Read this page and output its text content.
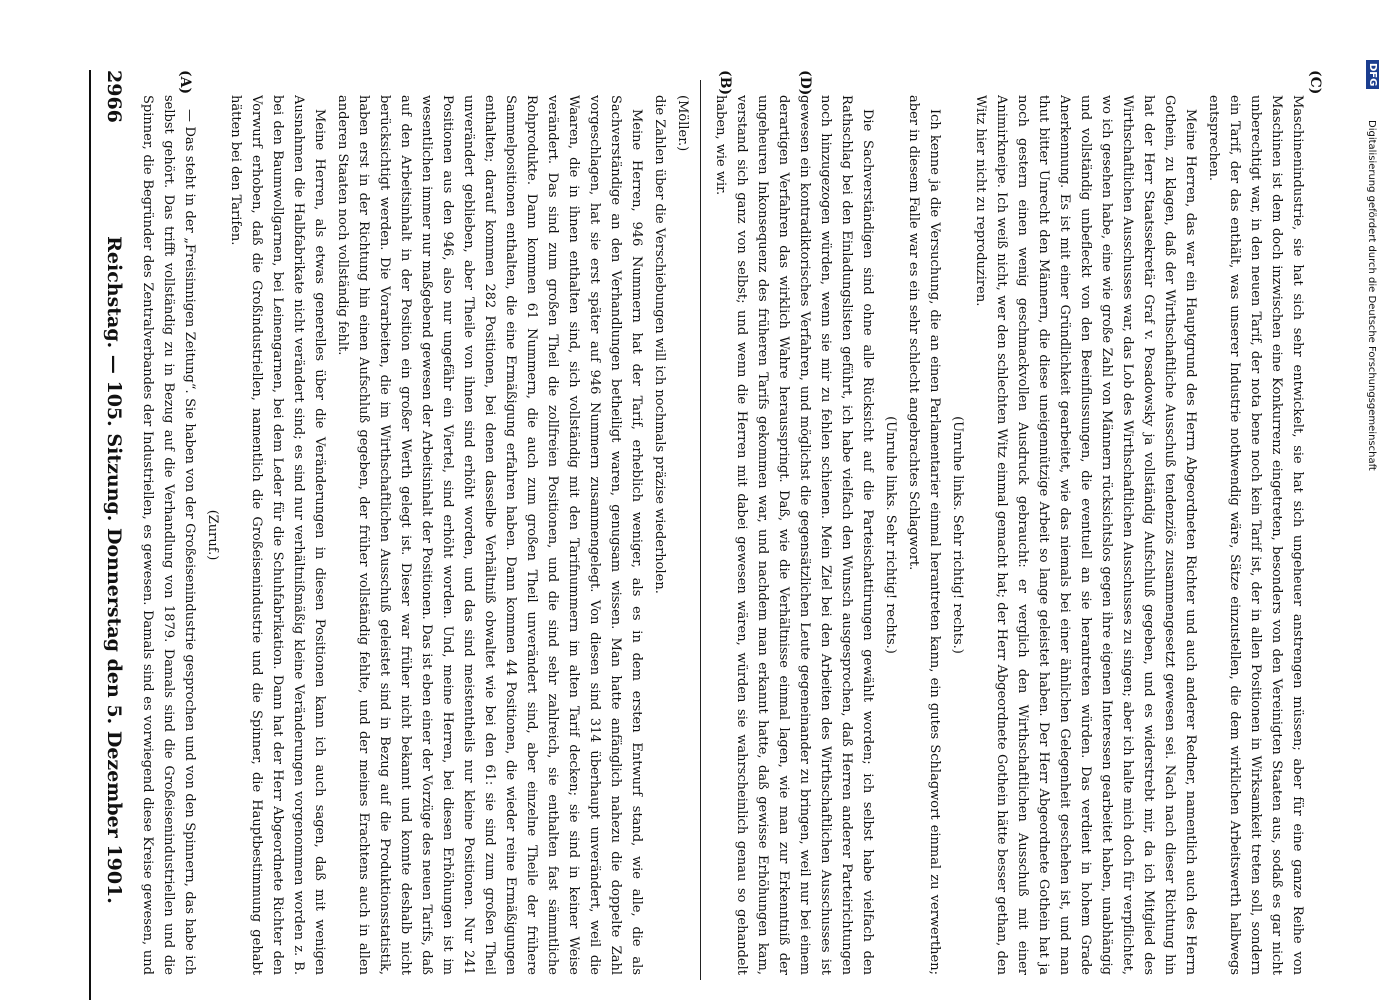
2966
Reichstag. — 105. Sitzung. Donnerstag den 5. Dezember 1901.
(A)	(B)	(C)
(D)

(Möller.)

die Zahlen über die Verschiebungen will ich nochmals präzise wiederholen.

Meine Herren, 946 Nummern hat der Tarif, erheblich weniger, als es in dem ersten Entwurf stand, wie alle, die als Sachverständige an den Verhandlungen betheiligt waren, genugsam wissen. Man hatte anfänglich nahezu die doppelte Zahl vorgeschlagen, hat sie erst später auf 946 Nummern zusammengelegt. Von diesen sind 314 überhaupt unverändert, weil die Waaren, die in ihnen enthalten sind, sich vollständig mit den Tarifnummern im alten Tarif decken; sie sind in keiner Weise verändert. Das sind zum großen Theil die zollfreien Positionen, und die sind sehr zahlreich, sie enthalten fast sämmtliche Rohprodukte. Dann kommen 61 Nummern, die auch zum großen Theil unverändert sind, aber einzelne Theile der frühere Sammelpositionen enthalten, die eine Ermäßigung erfahren haben. Dann kommen 44 Positionen, die wieder reine Ermäßigungen enthalten; darauf kommen 282 Positionen, bei denen dasselbe Verhältniß obwaltet wie bei den 61: sie sind zum großen Theil unverändert geblieben, aber Theile von ihnen sind erhöht worden, und das sind meistentheils nur kleine Positionen. Nur 241 Positionen aus den 946, also nur ungefähr ein Viertel, sind erhöht worden. Und, meine Herren, bei diesen Erhöhungen ist im wesentlichen immer nur maßgebend gewesen der Arbeitsinhalt der Positionen. Das ist eben einer der Vorzüge des neuen Tarifs, daß auf den Arbeitsinhalt in der Position ein großer Werth gelegt ist. Dieser war früher nicht bekannt und konnte deshalb nicht berücksichtigt werden. Die Vorarbeiten, die im Wirthschaftlichen Ausschuß geleistet sind in Bezug auf die Produktionsstatistik, haben erst in der Richtung hin einen Aufschluß gegeben, der früher vollständig fehlte, und der meines Erachtens auch in allen anderen Staaten noch vollständig fehlt.

Meine Herren, als etwas generelles über die Veränderungen in diesen Positionen kann ich auch sagen, daß mit wenigen Ausnahmen die Halbfabrikate nicht verändert sind; es sind nur verhältnißmäßig kleine Veränderungen vorgenommen worden z. B. bei den Baumwollgarnen, bei Leinengarnen, bei dem Leder für die Schuhfabrikation. Dann hat der Herr Abgeordnete Richter den Vorwurf erhoben, daß die Großindustriellen, namentlich die Großeisenindustrie und die Spinner, die Hauptbestimmung gehabt hätten bei den Tarifen.

(Zuruf.)

— Das steht in der „Freisinnigen Zeitung“. Sie haben von der Großeisenindustrie gesprochen und von den Spinnern, das habe ich selbst gehört. Das trifft vollständig zu in Bezug auf die Verhandlung von 1879. Damals sind die Großeisenindustriellen und die Spinner, die Begründer des Zentralverbandes der Industriellen, es gewesen. Damals sind es vorwiegend diese Kreise gewesen, und	Maschinenindustrie, sie hat sich sehr entwickelt, sie hat sich ungeheuer anstrengen müssen; aber für eine ganze Reihe von Maschinen ist dem doch inzwischen eine Konkurrenz eingetreten, besonders von den Vereinigten Staaten aus, sodaß es gar nicht unberechtigt war, in den neuen Tarif, der nota bene noch kein Tarif ist, der in allen Positionen in Wirksamkeit treten soll, sondern ein Tarif, der das enthält, was unserer Industrie nothwendig wäre, Sätze einzustellen, die dem wirklichen Arbeitswerth halbwegs entsprechen.

Meine Herren, das war ein Hauptgrund des Herrn Abgeordneten Richter und auch anderer Redner, namentlich auch des Herrn Gothein, zu klagen, daß der Wirthschaftliche Ausschuß tendenziös zusammengesetzt gewesen sei. Nach nach dieser Richtung hin hat der Herr Staatssekretär Graf v. Posadowsky ja vollständig Aufschluß gegeben, und es widerstrebt mir, da ich Mitglied des Wirthschaftlichen Ausschusses war, das Lob des Wirthschaftlichen Ausschusses zu singen; aber ich halte mich doch für verpflichtet, wo ich gesehen habe, eine wie große Zahl von Männern rücksichtslos gegen ihre eigenen Interessen gearbeitet haben, unabhängig und vollständig unbefleckt von den Beeinflussungen, die eventuell an sie herantreten würden. Das verdient in hohem Grade Anerkennung. Es ist mit einer Gründlichkeit gearbeitet, wie das niemals bei einer ähnlichen Gelegenheit geschehen ist, und man thut bitter Unrecht den Männern, die diese uneigennützige Arbeit so lange geleistet haben. Der Herr Abgeordnete Gothein hat ja noch gestern einen wenig geschmackvollen Ausdruck gebraucht: er verglich den Wirthschaftlichen Ausschuß mit einer Animirkneipe. Ich weiß nicht, wer den schlechten Witz einmal gemacht hat; der Herr Abgeordnete Gothein hätte besser gethan, den Witz hier nicht zu reproduziren.

(Unruhe links. Sehr richtig! rechts.)

Ich kenne ja die Versuchung, die an einen Parlamentarier einmal herantreten kann, ein gutes Schlagwort einmal zu verwerthen; aber in diesem Falle war es ein sehr schlecht angebrachtes Schlagwort.

(Unruhe links. Sehr richtig! rechts.)

Die Sachverständigen sind ohne alle Rücksicht auf die Parteischattirungen gewählt worden; ich selbst habe vielfach den Rathschlag bei den Einladungslisten geführt, ich habe vielfach den Wunsch ausgesprochen, daß Herren anderer Parteirichtungen noch hinzugezogen würden, wenn sie mir zu fehlen schienen. Mein Ziel bei den Arbeiten des Wirthschaftlichen Ausschusses ist gewesen ein kontradiktorisches Verfahren, und möglichst die gegensätzlichen Leute gegeneinander zu bringen, weil nur bei einem derartigen Verfahren das wirklich Wahre herausspringt. Daß, wie die Verhältnisse einmal lagen, wie man zur Erkenntniß der ungeheuren Inkonsequenz des früheren Tarifs gekommen war, und nachdem man erkannt hatte, daß gewisse Erhöhungen kam, verstand sich ganz von selbst; und wenn die Herren mit dabei gewesen wären, würden sie wahrscheinlich genau so gehandelt haben, wie wir.	Digitalisierung gefördert durch die Deutsche Forschungsgemeinschaft
DFG
